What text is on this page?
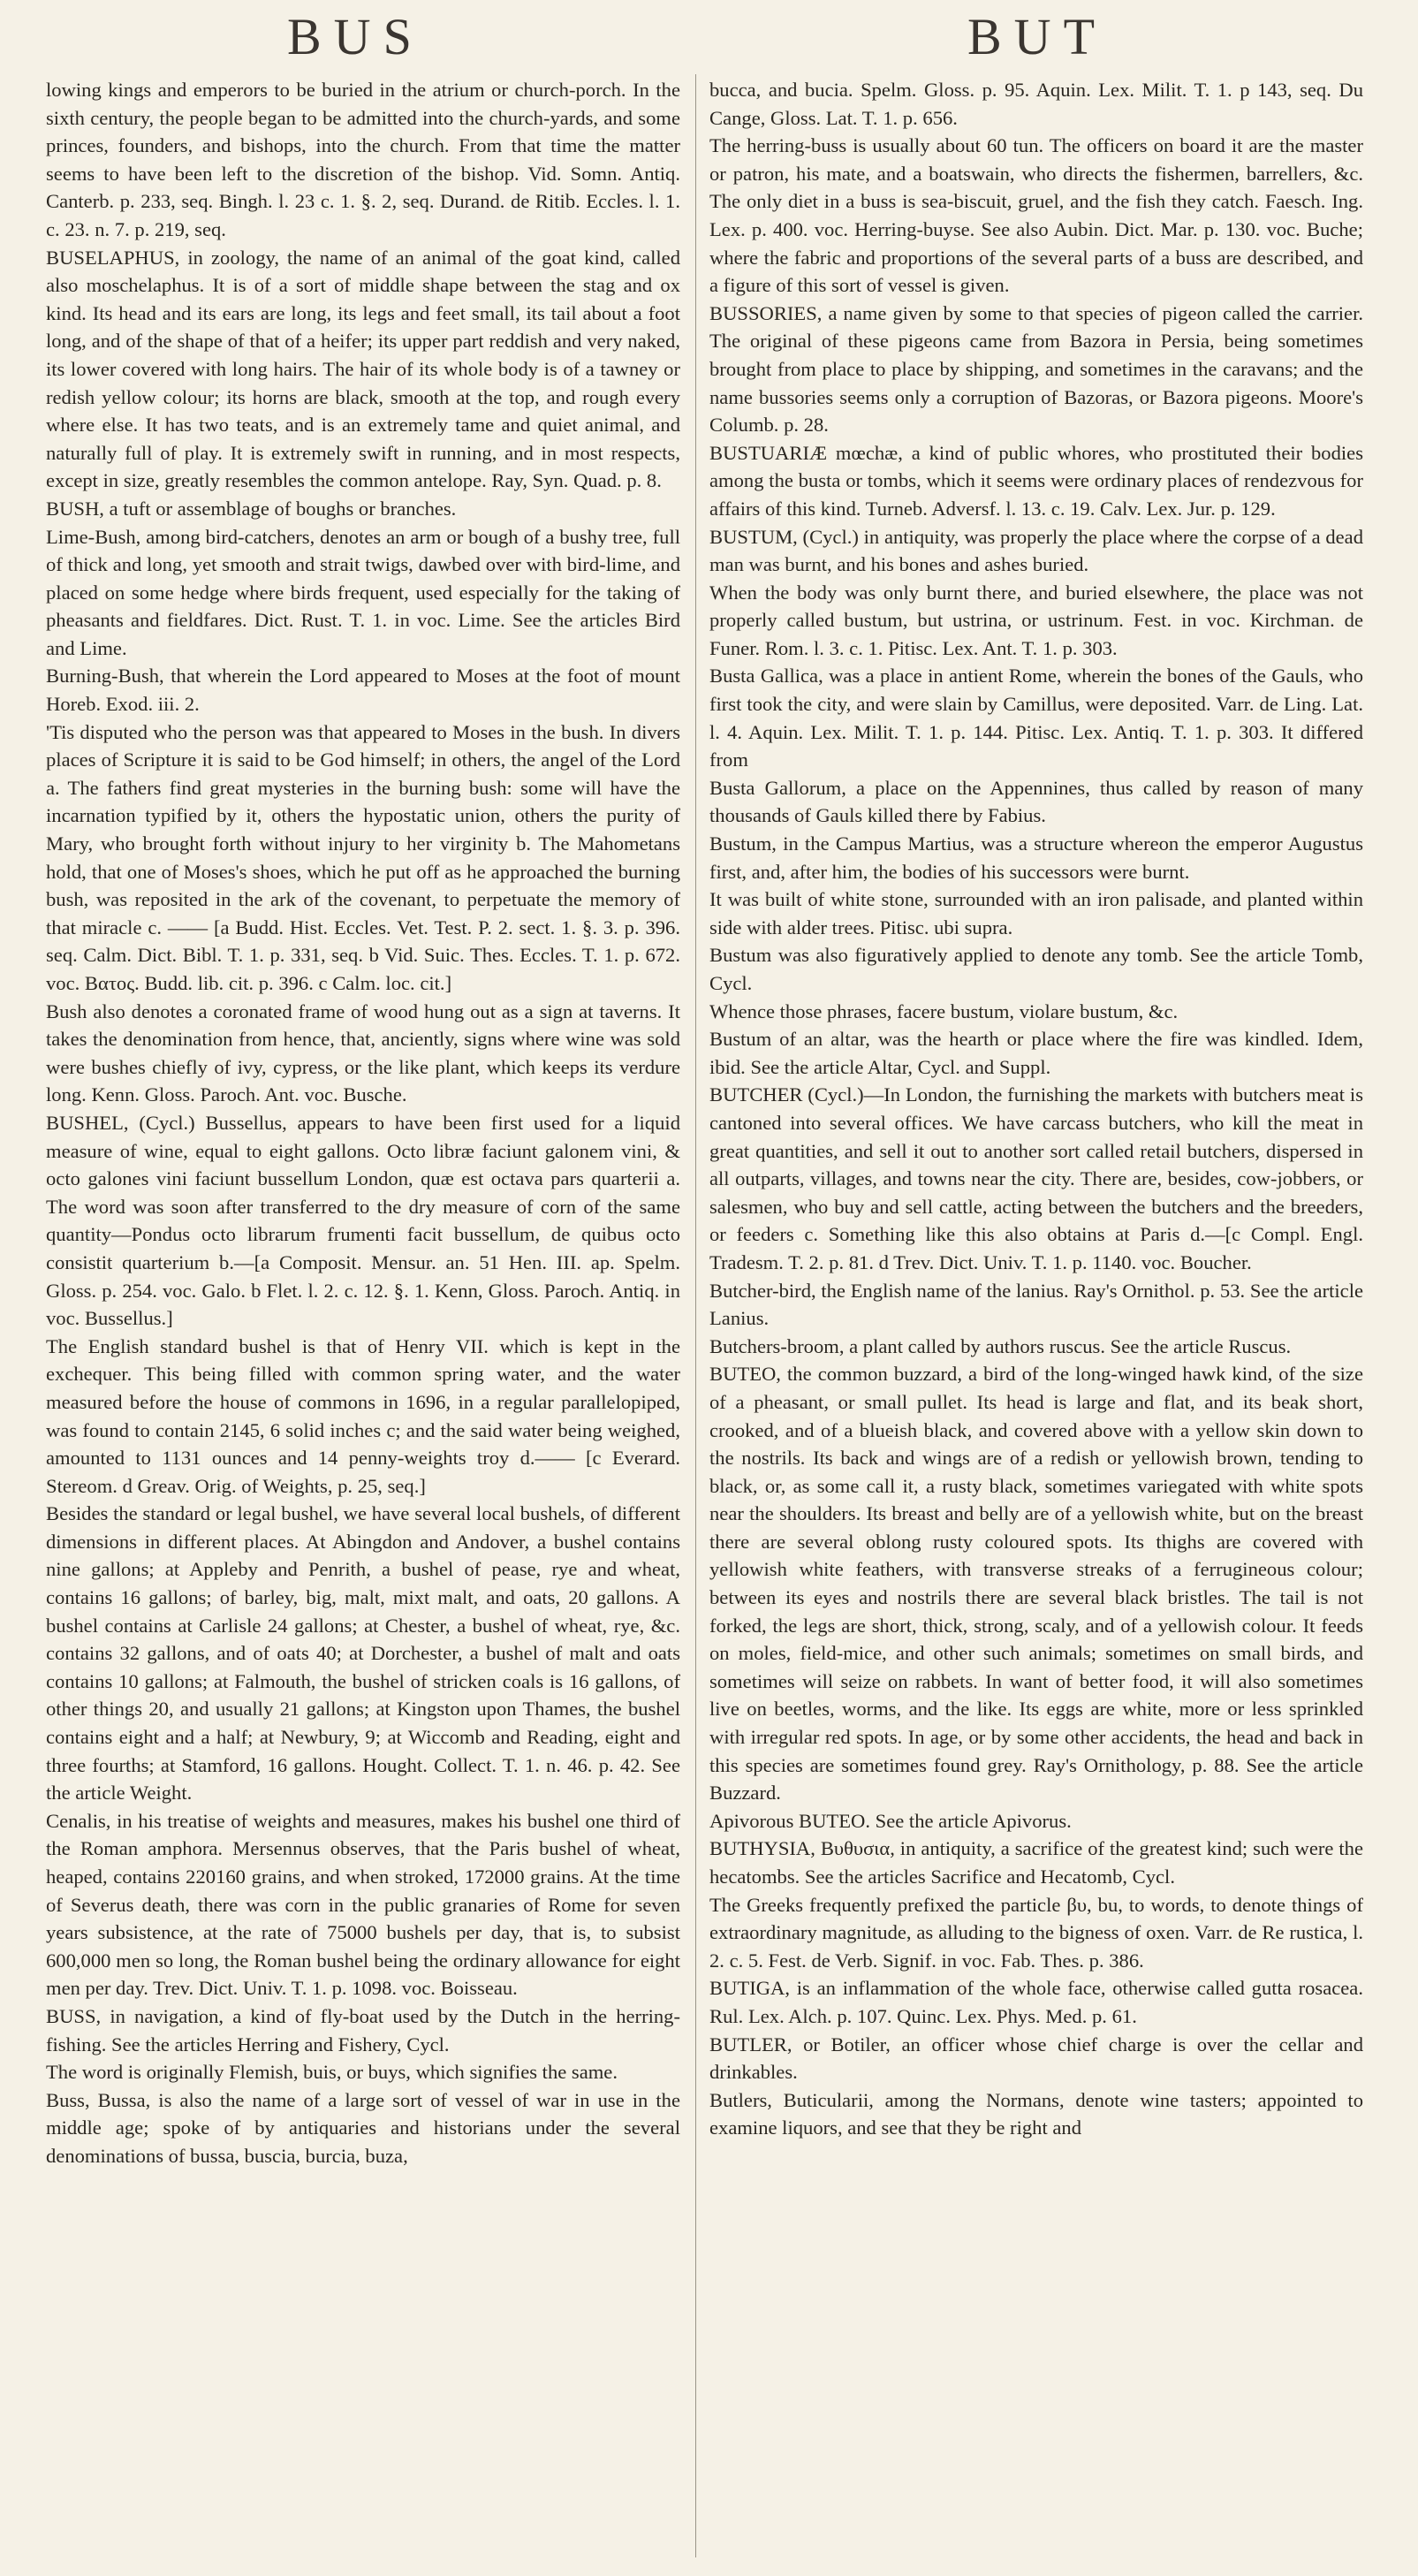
BUS	BUT

lowing kings and emperors to be buried in the atrium or church-porch. In the sixth century, the people began to be admitted into the church-yards, and some princes, founders, and bishops, into the church. From that time the matter seems to have been left to the discretion of the bishop. Vid. Somn. Antiq. Canterb. p. 233, seq. Bingh. l. 23 c. 1. §. 2, seq. Durand. de Ritib. Eccles. l. 1. c. 23. n. 7. p. 219, seq.

BUSELAPHUS, in zoology, the name of an animal of the goat kind, called also moschelaphus. It is of a sort of middle shape between the stag and ox kind. Its head and its ears are long, its legs and feet small, its tail about a foot long, and of the shape of that of a heifer; its upper part reddish and very naked, its lower covered with long hairs. The hair of its whole body is of a tawney or redish yellow colour; its horns are black, smooth at the top, and rough every where else. It has two teats, and is an extremely tame and quiet animal, and naturally full of play. It is extremely swift in running, and in most respects, except in size, greatly resembles the common antelope. Ray, Syn. Quad. p. 8.

BUSH, a tuft or assemblage of boughs or branches.

Lime-Bush, among bird-catchers, denotes an arm or bough of a bushy tree, full of thick and long, yet smooth and strait twigs, dawbed over with bird-lime, and placed on some hedge where birds frequent, used especially for the taking of pheasants and fieldfares. Dict. Rust. T. 1. in voc. Lime. See the articles Bird and Lime.

Burning-Bush, that wherein the Lord appeared to Moses at the foot of mount Horeb. Exod. iii. 2.

'Tis disputed who the person was that appeared to Moses in the bush. In divers places of Scripture it is said to be God himself; in others, the angel of the Lord a. The fathers find great mysteries in the burning bush: some will have the incarnation typified by it, others the hypostatic union, others the purity of Mary, who brought forth without injury to her virginity b. The Mahometans hold, that one of Moses's shoes, which he put off as he approached the burning bush, was reposited in the ark of the covenant, to perpetuate the memory of that miracle c. —— [a Budd. Hist. Eccles. Vet. Test. P. 2. sect. 1. §. 3. p. 396. seq. Calm. Dict. Bibl. T. 1. p. 331, seq. b Vid. Suic. Thes. Eccles. T. 1. p. 672. voc. Βατος. Budd. lib. cit. p. 396. c Calm. loc. cit.]

Bush also denotes a coronated frame of wood hung out as a sign at taverns. It takes the denomination from hence, that, anciently, signs where wine was sold were bushes chiefly of ivy, cypress, or the like plant, which keeps its verdure long. Kenn. Gloss. Paroch. Ant. voc. Busche.

BUSHEL, (Cycl.) Bussellus, appears to have been first used for a liquid measure of wine, equal to eight gallons. Octo libræ faciunt galonem vini, & octo galones vini faciunt bussellum London, quæ est octava pars quarterii a. The word was soon after transferred to the dry measure of corn of the same quantity—Pondus octo librarum frumenti facit bussellum, de quibus octo consistit quarterium b.—[a Composit. Mensur. an. 51 Hen. III. ap. Spelm. Gloss. p. 254. voc. Galo. b Flet. l. 2. c. 12. §. 1. Kenn, Gloss. Paroch. Antiq. in voc. Bussellus.]

The English standard bushel is that of Henry VII. which is kept in the exchequer. This being filled with common spring water, and the water measured before the house of commons in 1696, in a regular parallelopiped, was found to contain 2145, 6 solid inches c; and the said water being weighed, amounted to 1131 ounces and 14 penny-weights troy d.—— [c Everard. Stereom. d Greav. Orig. of Weights, p. 25, seq.]

Besides the standard or legal bushel, we have several local bushels, of different dimensions in different places. At Abingdon and Andover, a bushel contains nine gallons; at Appleby and Penrith, a bushel of pease, rye and wheat, contains 16 gallons; of barley, big, malt, mixt malt, and oats, 20 gallons. A bushel contains at Carlisle 24 gallons; at Chester, a bushel of wheat, rye, &c. contains 32 gallons, and of oats 40; at Dorchester, a bushel of malt and oats contains 10 gallons; at Falmouth, the bushel of stricken coals is 16 gallons, of other things 20, and usually 21 gallons; at Kingston upon Thames, the bushel contains eight and a half; at Newbury, 9; at Wiccomb and Reading, eight and three fourths; at Stamford, 16 gallons. Hought. Collect. T. 1. n. 46. p. 42. See the article Weight.

Cenalis, in his treatise of weights and measures, makes his bushel one third of the Roman amphora. Mersennus observes, that the Paris bushel of wheat, heaped, contains 220160 grains, and when stroked, 172000 grains. At the time of Severus death, there was corn in the public granaries of Rome for seven years subsistence, at the rate of 75000 bushels per day, that is, to subsist 600,000 men so long, the Roman bushel being the ordinary allowance for eight men per day. Trev. Dict. Univ. T. 1. p. 1098. voc. Boisseau.

BUSS, in navigation, a kind of fly-boat used by the Dutch in the herring-fishing. See the articles Herring and Fishery, Cycl.

The word is originally Flemish, buis, or buys, which signifies the same.

Buss, Bussa, is also the name of a large sort of vessel of war in use in the middle age; spoke of by antiquaries and historians under the several denominations of bussa, buscia, burcia, buza,

bucca, and bucia. Spelm. Gloss. p. 95. Aquin. Lex. Milit. T. 1. p 143, seq. Du Cange, Gloss. Lat. T. 1. p. 656.

The herring-buss is usually about 60 tun. The officers on board it are the master or patron, his mate, and a boatswain, who directs the fishermen, barrellers, &c. The only diet in a buss is sea-biscuit, gruel, and the fish they catch. Faesch. Ing. Lex. p. 400. voc. Herring-buyse. See also Aubin. Dict. Mar. p. 130. voc. Buche; where the fabric and proportions of the several parts of a buss are described, and a figure of this sort of vessel is given.

BUSSORIES, a name given by some to that species of pigeon called the carrier. The original of these pigeons came from Bazora in Persia, being sometimes brought from place to place by shipping, and sometimes in the caravans; and the name bussories seems only a corruption of Bazoras, or Bazora pigeons. Moore's Columb. p. 28.

BUSTUARIÆ mœchæ, a kind of public whores, who prostituted their bodies among the busta or tombs, which it seems were ordinary places of rendezvous for affairs of this kind. Turneb. Adversf. l. 13. c. 19. Calv. Lex. Jur. p. 129.

BUSTUM, (Cycl.) in antiquity, was properly the place where the corpse of a dead man was burnt, and his bones and ashes buried.

When the body was only burnt there, and buried elsewhere, the place was not properly called bustum, but ustrina, or ustrinum. Fest. in voc. Kirchman. de Funer. Rom. l. 3. c. 1. Pitisc. Lex. Ant. T. 1. p. 303.

Busta Gallica, was a place in antient Rome, wherein the bones of the Gauls, who first took the city, and were slain by Camillus, were deposited. Varr. de Ling. Lat. l. 4. Aquin. Lex. Milit. T. 1. p. 144. Pitisc. Lex. Antiq. T. 1. p. 303. It differed from

Busta Gallorum, a place on the Appennines, thus called by reason of many thousands of Gauls killed there by Fabius.

Bustum, in the Campus Martius, was a structure whereon the emperor Augustus first, and, after him, the bodies of his successors were burnt.

It was built of white stone, surrounded with an iron palisade, and planted within side with alder trees. Pitisc. ubi supra.

Bustum was also figuratively applied to denote any tomb. See the article Tomb, Cycl.

Whence those phrases, facere bustum, violare bustum, &c.

Bustum of an altar, was the hearth or place where the fire was kindled. Idem, ibid. See the article Altar, Cycl. and Suppl.

BUTCHER (Cycl.)—In London, the furnishing the markets with butchers meat is cantoned into several offices. We have carcass butchers, who kill the meat in great quantities, and sell it out to another sort called retail butchers, dispersed in all outparts, villages, and towns near the city. There are, besides, cow-jobbers, or salesmen, who buy and sell cattle, acting between the butchers and the breeders, or feeders c. Something like this also obtains at Paris d.—[c Compl. Engl. Tradesm. T. 2. p. 81. d Trev. Dict. Univ. T. 1. p. 1140. voc. Boucher.

Butcher-bird, the English name of the lanius. Ray's Ornithol. p. 53. See the article Lanius.

Butchers-broom, a plant called by authors ruscus. See the article Ruscus.

BUTEO, the common buzzard, a bird of the long-winged hawk kind, of the size of a pheasant, or small pullet. Its head is large and flat, and its beak short, crooked, and of a blueish black, and covered above with a yellow skin down to the nostrils. Its back and wings are of a redish or yellowish brown, tending to black, or, as some call it, a rusty black, sometimes variegated with white spots near the shoulders. Its breast and belly are of a yellowish white, but on the breast there are several oblong rusty coloured spots. Its thighs are covered with yellowish white feathers, with transverse streaks of a ferrugineous colour; between its eyes and nostrils there are several black bristles. The tail is not forked, the legs are short, thick, strong, scaly, and of a yellowish colour. It feeds on moles, field-mice, and other such animals; sometimes on small birds, and sometimes will seize on rabbets. In want of better food, it will also sometimes live on beetles, worms, and the like. Its eggs are white, more or less sprinkled with irregular red spots. In age, or by some other accidents, the head and back in this species are sometimes found grey. Ray's Ornithology, p. 88. See the article Buzzard.

Apivorous BUTEO. See the article Apivorus.

BUTHYSIA, Βυθυσια, in antiquity, a sacrifice of the greatest kind; such were the hecatombs. See the articles Sacrifice and Hecatomb, Cycl.

The Greeks frequently prefixed the particle βυ, bu, to words, to denote things of extraordinary magnitude, as alluding to the bigness of oxen. Varr. de Re rustica, l. 2. c. 5. Fest. de Verb. Signif. in voc. Fab. Thes. p. 386.

BUTIGA, is an inflammation of the whole face, otherwise called gutta rosacea. Rul. Lex. Alch. p. 107. Quinc. Lex. Phys. Med. p. 61.

BUTLER, or Botiler, an officer whose chief charge is over the cellar and drinkables.

Butlers, Buticularii, among the Normans, denote wine tasters; appointed to examine liquors, and see that they be right and
